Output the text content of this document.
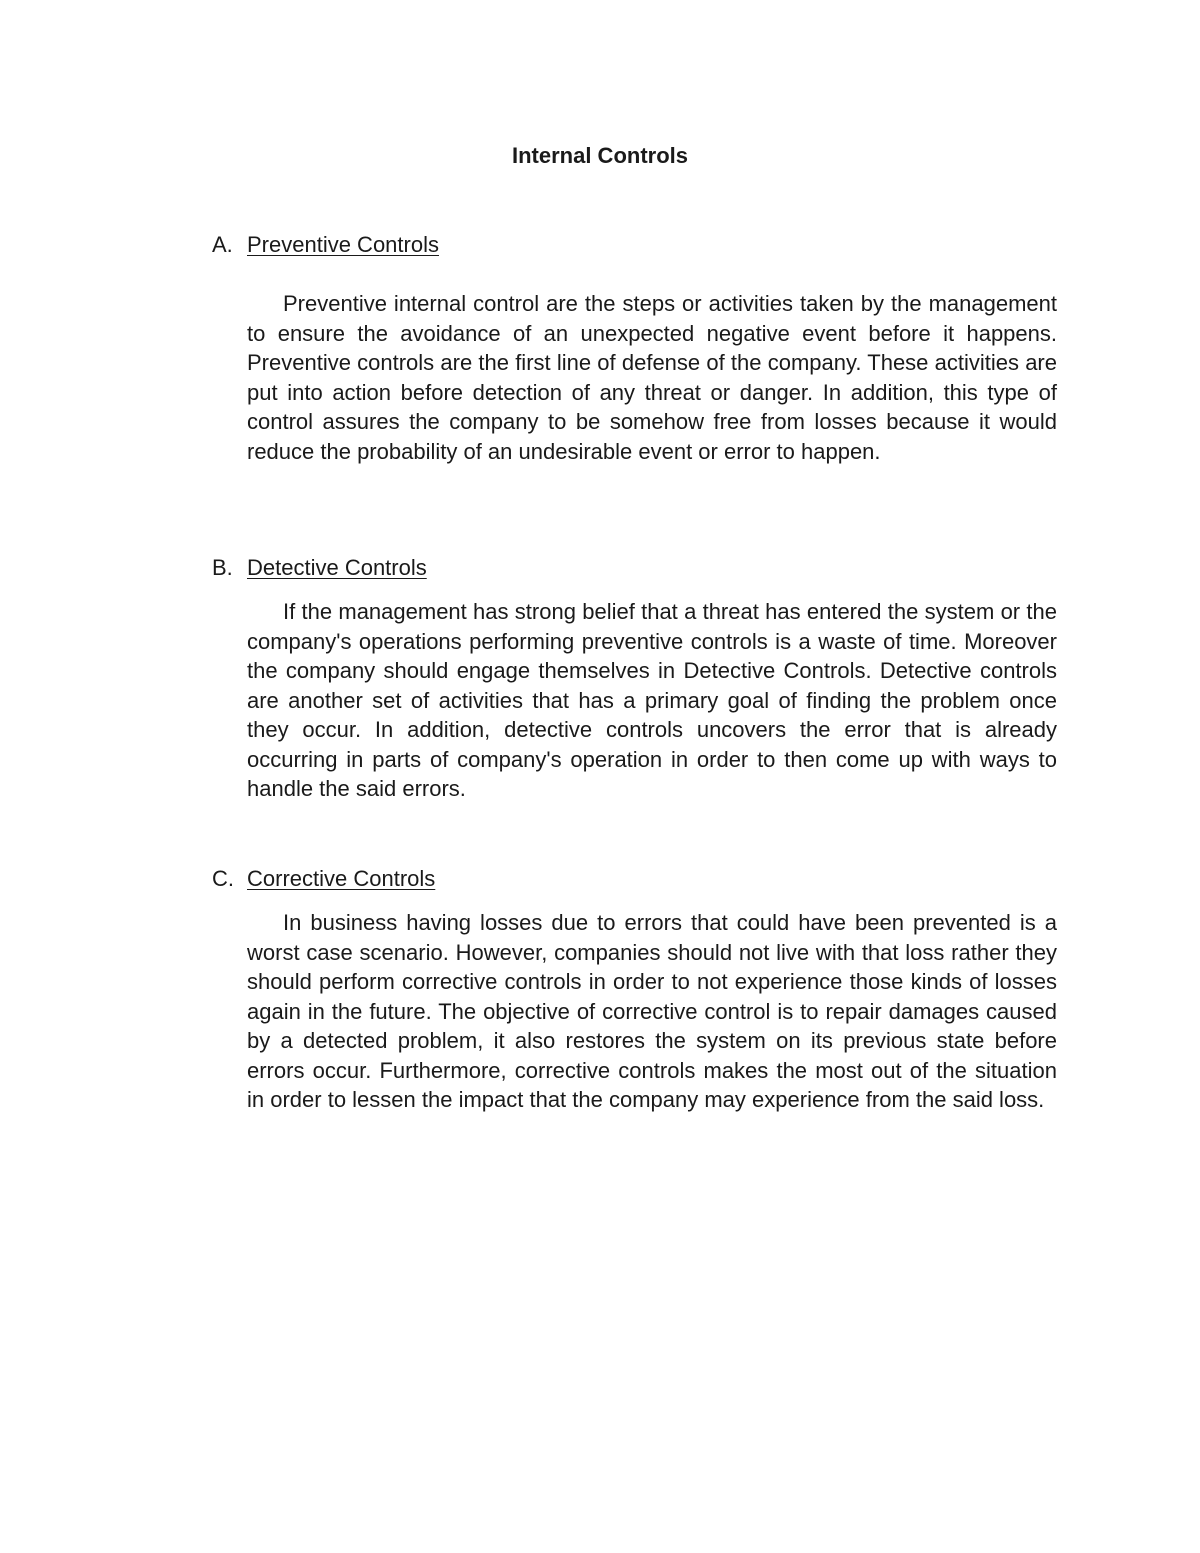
Internal Controls
A. Preventive Controls

Preventive internal control are the steps or activities taken by the management to ensure the avoidance of an unexpected negative event before it happens. Preventive controls are the first line of defense of the company. These activities are put into action before detection of any threat or danger. In addition, this type of control assures the company to be somehow free from losses because it would reduce the probability of an undesirable event or error to happen.

B. Detective Controls

If the management has strong belief that a threat has entered the system or the company's operations performing preventive controls is a waste of time. Moreover the company should engage themselves in Detective Controls. Detective controls are another set of activities that has a primary goal of finding the problem once they occur. In addition, detective controls uncovers the error that is already occurring in parts of company's operation in order to then come up with ways to handle the said errors.

C. Corrective Controls

In business having losses due to errors that could have been prevented is a worst case scenario. However, companies should not live with that loss rather they should perform corrective controls in order to not experience those kinds of losses again in the future. The objective of corrective control is to repair damages caused by a detected problem, it also restores the system on its previous state before errors occur. Furthermore, corrective controls makes the most out of the situation in order to lessen the impact that the company may experience from the said loss.
